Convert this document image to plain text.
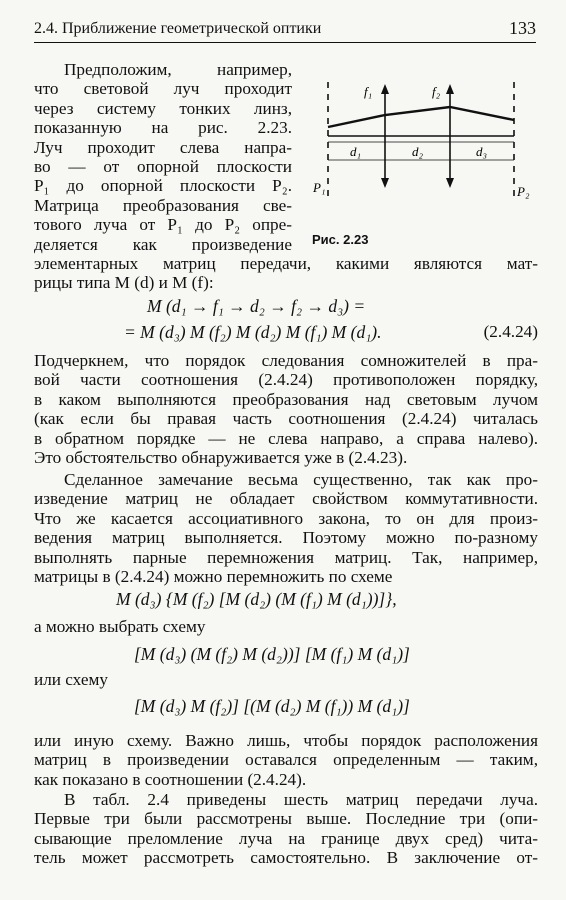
2.4. Приближение геометрической оптики	133
Предположим, например,
что световой луч проходит
через систему тонких линз,
показанную на рис. 2.23.
Луч проходит слева напра-
во — от опорной плоскости
P₁ до опорной плоскости P₂.
Матрица преобразования све-
тового луча от P₁ до P₂ опре-
деляется как произведение
f₁	f₂
d₁	d₂	d₃
P₁	P₂
Рис. 2.23
элементарных матриц передачи, какими являются мат-
рицы типа M (d) и M (f):
M (d₁ → f₁ → d₂ → f₂ → d₃) =
= M (d₃) M (f₂) M (d₂) M (f₁) M (d₁).	(2.4.24)
Подчеркнем, что порядок следования сомножителей в пра-
вой части соотношения (2.4.24) противоположен порядку,
в каком выполняются преобразования над световым лучом
(как если бы правая часть соотношения (2.4.24) читалась
в обратном порядке — не слева направо, а справа налево).
Это обстоятельство обнаруживается уже в (2.4.23).
Сделанное замечание весьма существенно, так как про-
изведение матриц не обладает свойством коммутативности.
Что же касается ассоциативного закона, то он для произ-
ведения матриц выполняется. Поэтому можно по-разному
выполнять парные перемножения матриц. Так, например,
матрицы в (2.4.24) можно перемножить по схеме
M (d₃) {M (f₂) [M (d₂) (M (f₁) M (d₁))]},
а можно выбрать схему
[M (d₃) (M (f₂) M (d₂))] [M (f₁) M (d₁)]
или схему
[M (d₃) M (f₂)] [(M (d₂) M (f₁)) M (d₁)]
или иную схему. Важно лишь, чтобы порядок расположения
матриц в произведении оставался определенным — таким,
как показано в соотношении (2.4.24).
В табл. 2.4 приведены шесть матриц передачи луча.
Первые три были рассмотрены выше. Последние три (опи-
сывающие преломление луча на границе двух сред) чита-
тель может рассмотреть самостоятельно. В заключение от-
